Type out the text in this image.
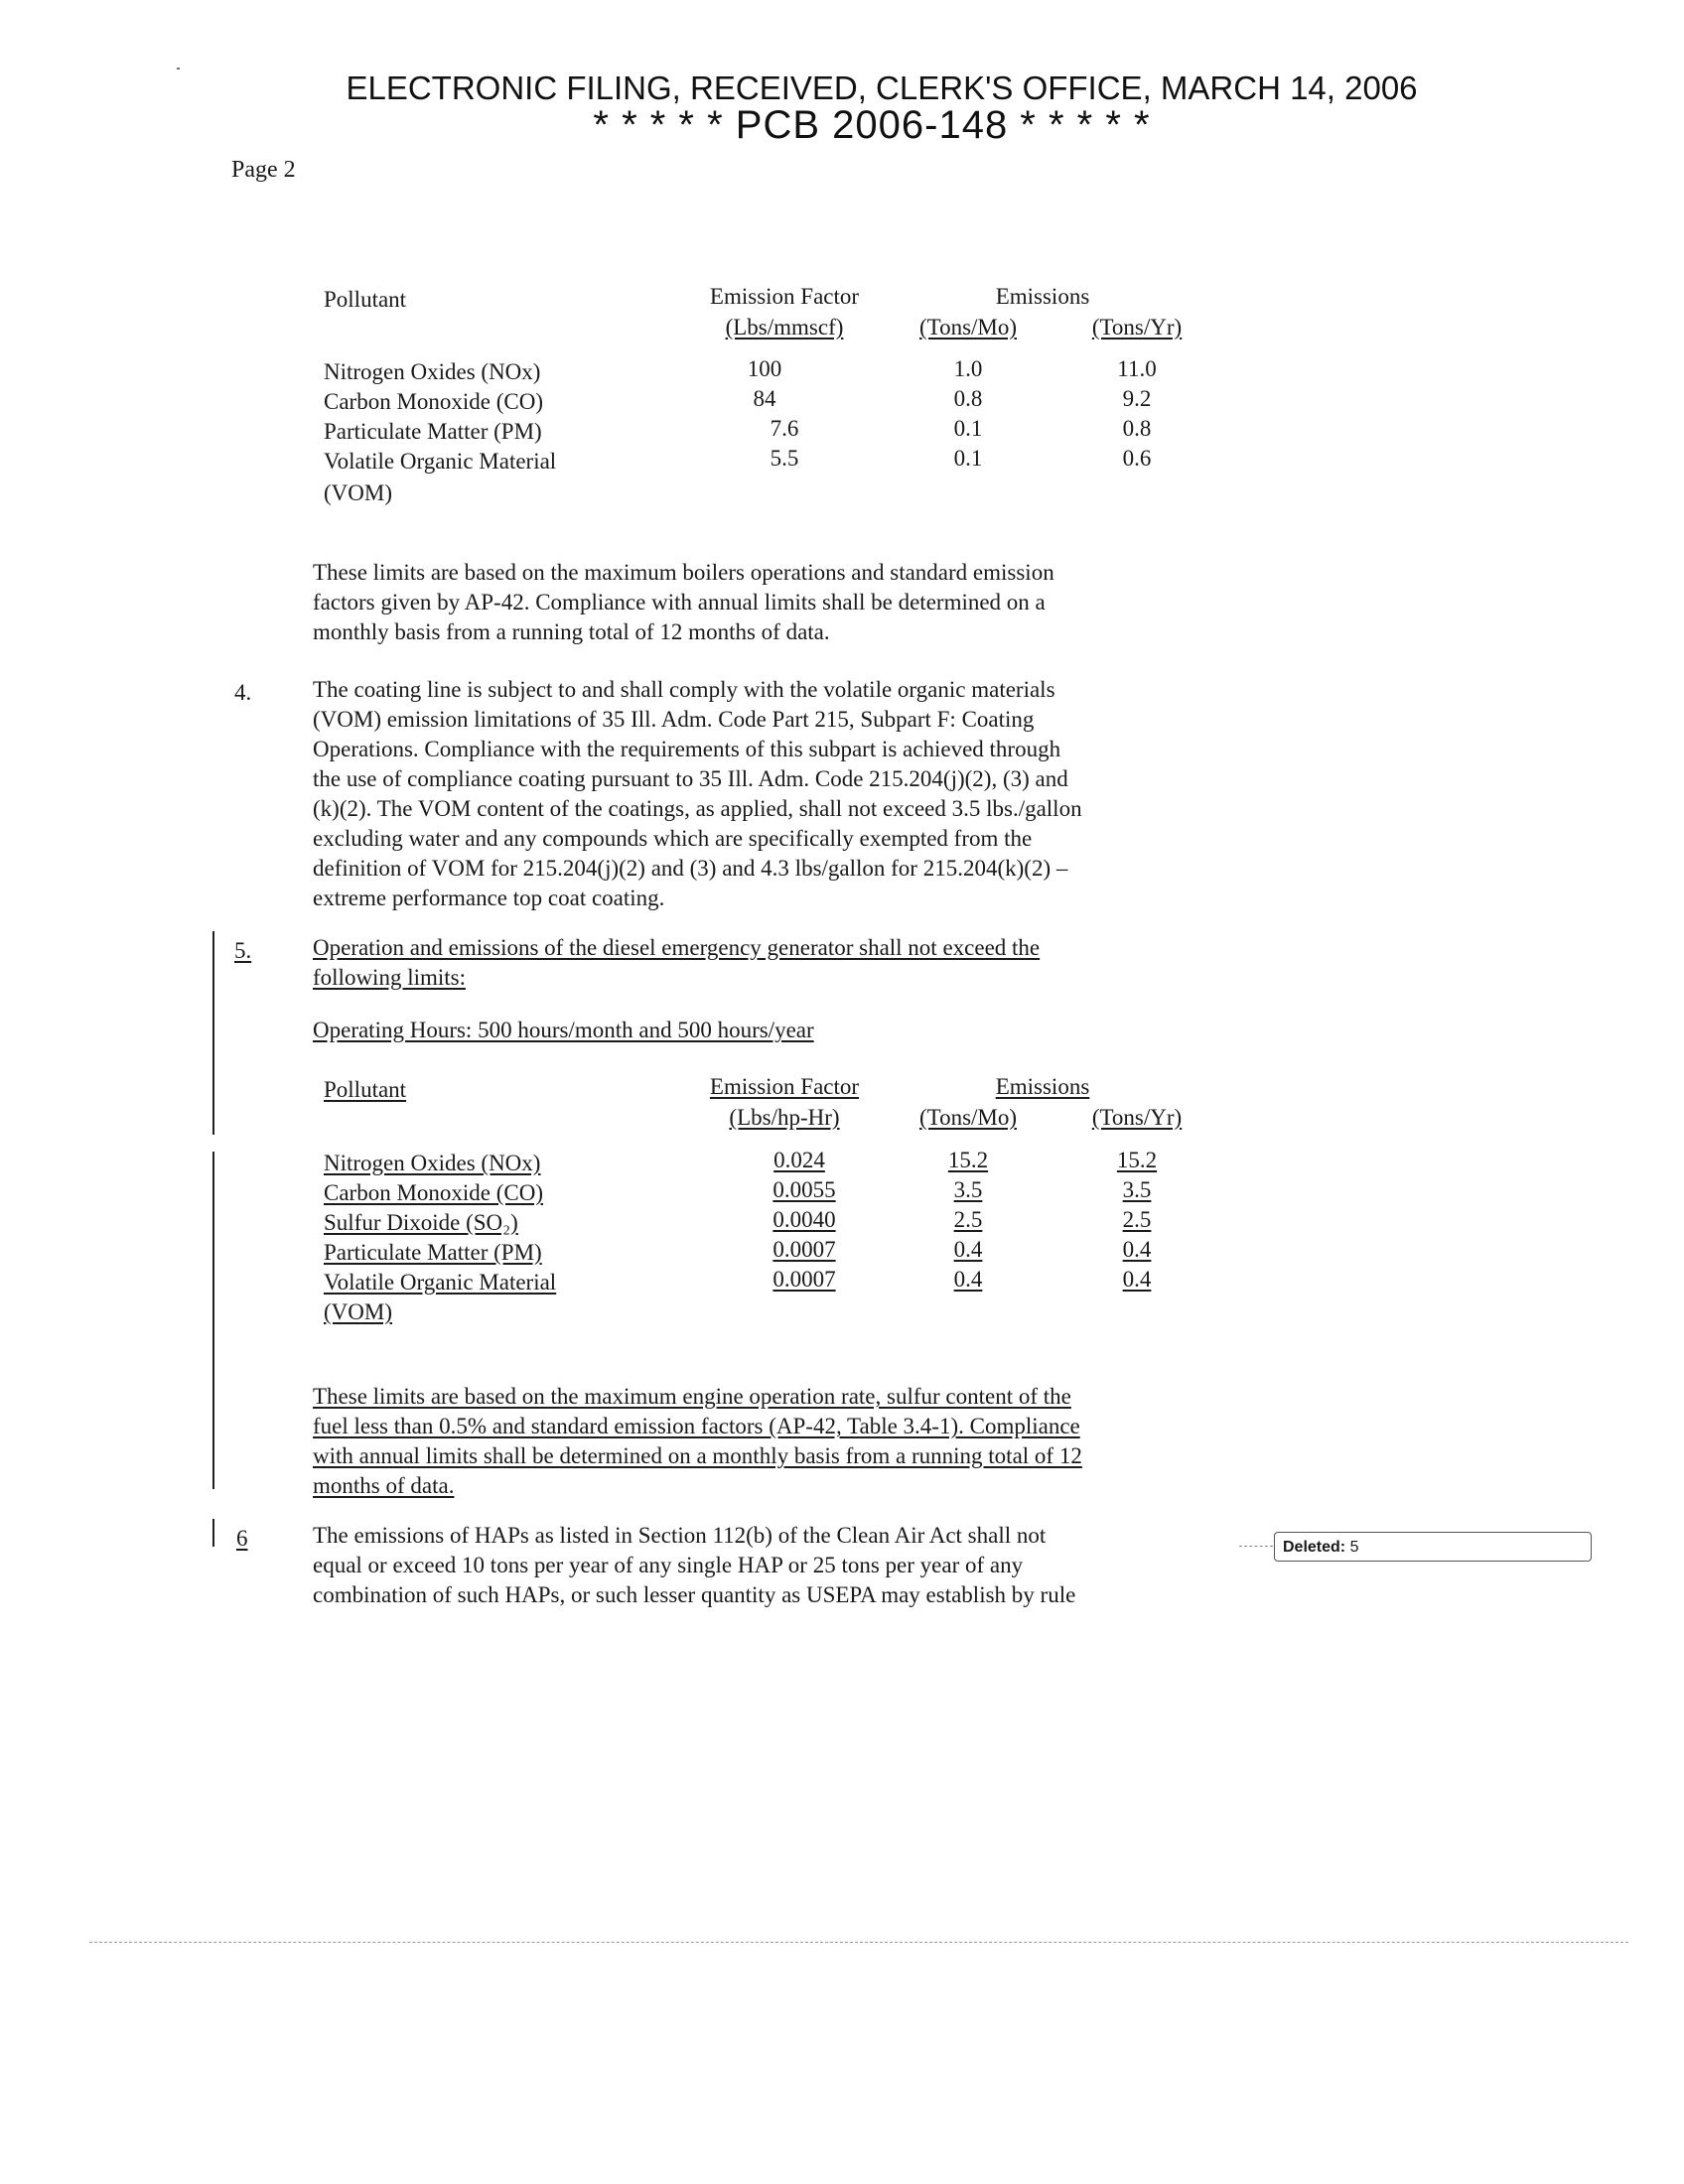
ELECTRONIC FILING, RECEIVED, CLERK'S OFFICE, MARCH 14, 2006
* * * * * PCB 2006-148 * * * * *
Page 2
Pollutant	Emission Factor
(Lbs/mmscf)
Emissions
(Tons/Mo)	(Tons/Yr)
Nitrogen Oxides (NOx)	100	1.0	11.0
Carbon Monoxide (CO)	84	0.8	9.2
Particulate Matter (PM)	7.6	0.1	0.8
Volatile Organic Material
(VOM)
5.5	0.1	0.6
These limits are based on the maximum boilers operations and standard emission
factors given by AP-42. Compliance with annual limits shall be determined on a
monthly basis from a running total of 12 months of data.
4.	The coating line is subject to and shall comply with the volatile organic materials
(VOM) emission limitations of 35 Ill. Adm. Code Part 215, Subpart F: Coating
Operations. Compliance with the requirements of this subpart is achieved through
the use of compliance coating pursuant to 35 Ill. Adm. Code 215.204(j)(2), (3) and
(k)(2). The VOM content of the coatings, as applied, shall not exceed 3.5 lbs./gallon
excluding water and any compounds which are specifically exempted from the
definition of VOM for 215.204(j)(2) and (3) and 4.3 lbs/gallon for 215.204(k)(2) –
extreme performance top coat coating.
5.	Operation and emissions of the diesel emergency generator shall not exceed the
following limits:
Operating Hours: 500 hours/month and 500 hours/year
Pollutant	Emission Factor
(Lbs/hp-Hr)
Emissions
(Tons/Mo)	(Tons/Yr)
Nitrogen Oxides (NOx)	0.024	15.2	15.2
Carbon Monoxide (CO)	0.0055	3.5	3.5
Sulfur Dixoide (SO₂)	0.0040	2.5	2.5
Particulate Matter (PM)	0.0007	0.4	0.4
Volatile Organic Material
(VOM)
0.0007	0.4	0.4
These limits are based on the maximum engine operation rate, sulfur content of the
fuel less than 0.5% and standard emission factors (AP-42, Table 3.4-1). Compliance
with annual limits shall be determined on a monthly basis from a running total of 12
months of data.
6	The emissions of HAPs as listed in Section 112(b) of the Clean Air Act shall not
equal or exceed 10 tons per year of any single HAP or 25 tons per year of any
combination of such HAPs, or such lesser quantity as USEPA may establish by rule
Deleted: 5
